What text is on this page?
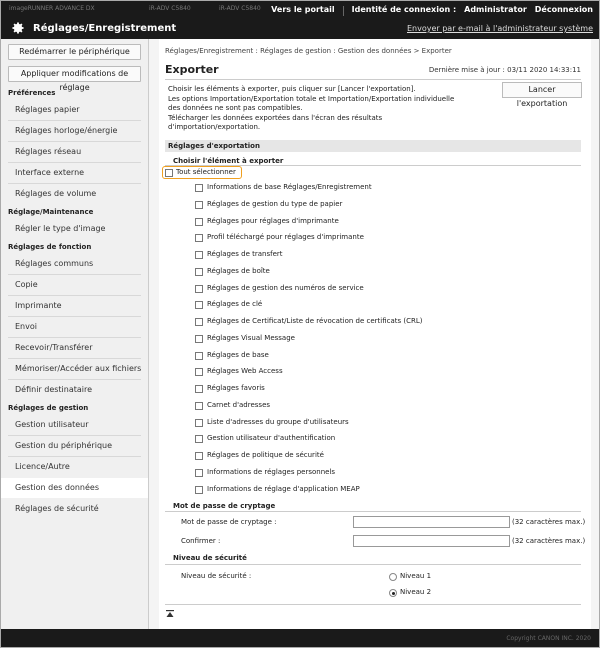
imageRUNNER ADVANCE DX	iR-ADV C5840	iR-ADV C5840
Réglages/Enregistrement
Vers le portail Identité de connexion : Administrator Déconnexion
Envoyer par e-mail à l'administrateur système
Redémarrer le périphérique
Appliquer modifications de réglage
Préférences
Réglages papier
Réglages horloge/énergie
Réglages réseau
Interface externe
Réglages de volume
Réglage/Maintenance
Régler le type d'image
Réglages de fonction
Réglages communs
Copie
Imprimante
Envoi
Recevoir/Transférer
Mémoriser/Accéder aux fichiers
Définir destinataire
Réglages de gestion
Gestion utilisateur
Gestion du périphérique
Licence/Autre
Gestion des données
Réglages de sécurité
Réglages/Enregistrement : Réglages de gestion : Gestion des données > Exporter
Exporter	Dernière mise à jour : 03/11 2020 14:33:11
Choisir les éléments à exporter, puis cliquer sur [Lancer l'exportation].
Les options Importation/Exportation totale et Importation/Exportation individuelle
des données ne sont pas compatibles.
Télécharger les données exportées dans l'écran des résultats
d'importation/exportation.
Lancer l'exportation
Réglages d'exportation
Choisir l'élément à exporter
Tout sélectionner
Informations de base Réglages/Enregistrement
Réglages de gestion du type de papier
Réglages pour réglages d'imprimante
Profil téléchargé pour réglages d'imprimante
Réglages de transfert
Réglages de boîte
Réglages de gestion des numéros de service
Réglages de clé
Réglages de Certificat/Liste de révocation de certificats (CRL)
Réglages Visual Message
Réglages de base
Réglages Web Access
Réglages favoris
Carnet d'adresses
Liste d'adresses du groupe d'utilisateurs
Gestion utilisateur d'authentification
Réglages de politique de sécurité
Informations de réglages personnels
Informations de réglage d'application MEAP
Mot de passe de cryptage
Mot de passe de cryptage :	(32 caractères max.)
Confirmer :	(32 caractères max.)
Niveau de sécurité
Niveau de sécurité :	Niveau 1
Niveau 2
Copyright CANON INC. 2020
